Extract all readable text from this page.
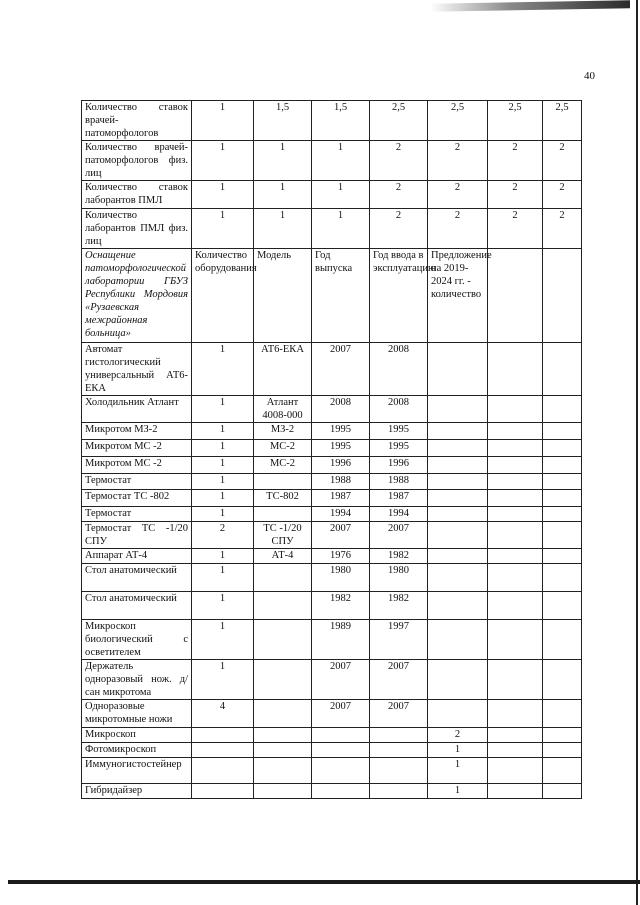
40
Количество ставок врачей-патоморфологов	1	1,5	1,5	2,5	2,5	2,5	2,5
Количество врачей-патоморфологов физ. лиц	1	1	1	2	2	2	2
Количество ставок лаборантов ПМЛ	1	1	1	2	2	2	2
Количество лаборантов ПМЛ физ. лиц	1	1	1	2	2	2	2
Оснащение патоморфологической лаборатории ГБУЗ Республики Мордовия «Рузаевская межрайонная больница»	Количество оборудования	Модель	Год выпуска	Год ввода в эксплуатацию	Предложение на 2019-2024 гг. - количество		
Автомат гистологический универсальный АТ6-ЕКА	1	АТ6-ЕКА	2007	2008			
Холодильник Атлант	1	Атлант 4008-000	2008	2008			
Микротом МЗ-2	1	МЗ-2	1995	1995			
Микротом МС -2	1	МС-2	1995	1995			
Микротом МС -2	1	МС-2	1996	1996			
Термостат	1		1988	1988			
Термостат ТС -802	1	ТС-802	1987	1987			
Термостат	1		1994	1994			
Термостат ТС -1/20 СПУ	2	ТС -1/20 СПУ	2007	2007			
Аппарат АТ-4	1	АТ-4	1976	1982			
Стол анатомический	1		1980	1980			
Стол анатомический	1		1982	1982			
Микроскоп биологический с осветителем	1		1989	1997			
Держатель одноразовый нож. д/сан микротома	1		2007	2007			
Одноразовые микротомные ножи	4		2007	2007			
Микроскоп					2		
Фотомикроскоп					1		
Иммуногистостейнер					1		
Гибридайзер					1		
